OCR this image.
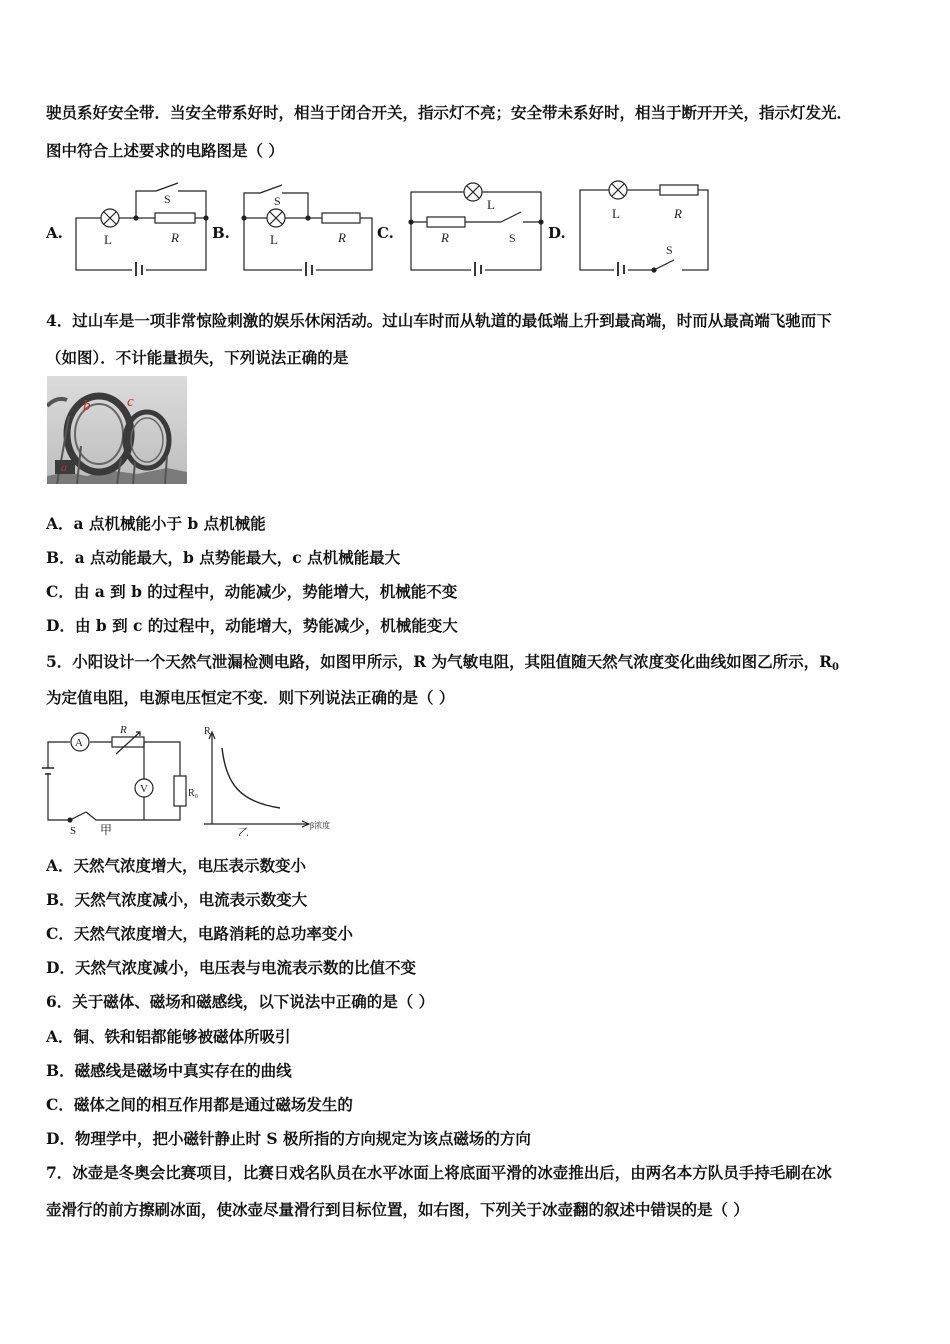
驶员系好安全带．当安全带系好时，相当于闭合开关，指示灯不亮；安全带未系好时，相当于断开开关，指示灯发光．
图中符合上述要求的电路图是（ ）
A.	B.	C.	D.
L	R
S
L	R
S	L
R	S
L	R
S
4．过山车是一项非常惊险刺激的娱乐休闲活动。过山车时而从轨道的最低端上升到最高端，时而从最高端飞驰而下
（如图）．不计能量损失，下列说法正确的是
a
b c
A．a 点机械能小于 b 点机械能
B．a 点动能最大，b 点势能最大，c 点机械能最大
C．由 a 到 b 的过程中，动能减少，势能增大，机械能不变
D．由 b 到 c 的过程中，动能增大，势能减少，机械能变大
5．小阳设计一个天然气泄漏检测电路，如图甲所示，R 为气敏电阻，其阻值随天然气浓度变化曲线如图乙所示，R0
为定值电阻，电源电压恒定不变．则下列说法正确的是（ ）
A
V
R
R₀
S 甲
R
β浓度
乙
A．天然气浓度增大，电压表示数变小
B．天然气浓度减小，电流表示数变大
C．天然气浓度增大，电路消耗的总功率变小
D．天然气浓度减小，电压表与电流表示数的比值不变
6．关于磁体、磁场和磁感线，以下说法中正确的是（ ）
A．铜、铁和铝都能够被磁体所吸引
B．磁感线是磁场中真实存在的曲线
C．磁体之间的相互作用都是通过磁场发生的
D．物理学中，把小磁针静止时 S 极所指的方向规定为该点磁场的方向
7．冰壶是冬奥会比赛项目，比赛日戏名队员在水平冰面上将底面平滑的冰壶推出后，由两名本方队员手持毛刷在冰
壶滑行的前方擦刷冰面，使冰壶尽量滑行到目标位置，如右图，下列关于冰壶翻的叙述中错误的是（ ）
